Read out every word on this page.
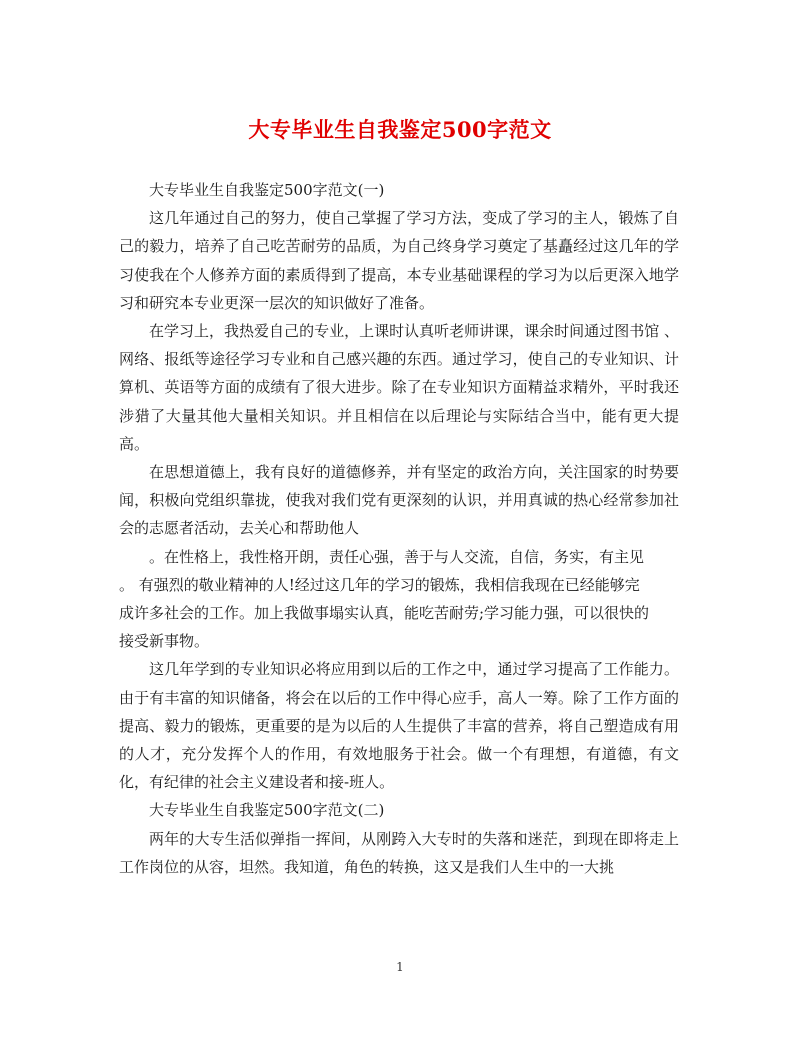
大专毕业生自我鉴定500字范文

大专毕业生自我鉴定500字范文(一)

这几年通过自己的努力，使自己掌握了学习方法，变成了学习的主人，锻炼了自己的毅力，培养了自己吃苦耐劳的品质，为自己终身学习奠定了基矗经过这几年的学习使我在个人修养方面的素质得到了提高，本专业基础课程的学习为以后更深入地学习和研究本专业更深一层次的知识做好了准备。

在学习上，我热爱自己的专业，上课时认真听老师讲课，课余时间通过图书馆 、网络、报纸等途径学习专业和自己感兴趣的东西。通过学习，使自己的专业知识、计算机、英语等方面的成绩有了很大进步。除了在专业知识方面精益求精外，平时我还涉猎了大量其他大量相关知识。并且相信在以后理论与实际结合当中，能有更大提高。

在思想道德上，我有良好的道德修养，并有坚定的政治方向，关注国家的时势要闻，积极向党组织靠拢，使我对我们党有更深刻的认识，并用真诚的热心经常参加社会的志愿者活动，去关心和帮助他人

。在性格上，我性格开朗，责任心强，善于与人交流，自信，务实，有主见

。 有强烈的敬业精神的人!经过这几年的学习的锻炼，我相信我现在已经能够完

成许多社会的工作。加上我做事塌实认真，能吃苦耐劳;学习能力强，可以很快的

接受新事物。

这几年学到的专业知识必将应用到以后的工作之中，通过学习提高了工作能力。由于有丰富的知识储备，将会在以后的工作中得心应手，高人一筹。除了工作方面的提高、毅力的锻炼，更重要的是为以后的人生提供了丰富的营养，将自己塑造成有用的人才，充分发挥个人的作用，有效地服务于社会。做一个有理想，有道德，有文化，有纪律的社会主义建设者和接-班人。

大专毕业生自我鉴定500字范文(二)

两年的大专生活似弹指一挥间，从刚跨入大专时的失落和迷茫，到现在即将走上工作岗位的从容，坦然。我知道，角色的转换，这又是我们人生中的一大挑

1
